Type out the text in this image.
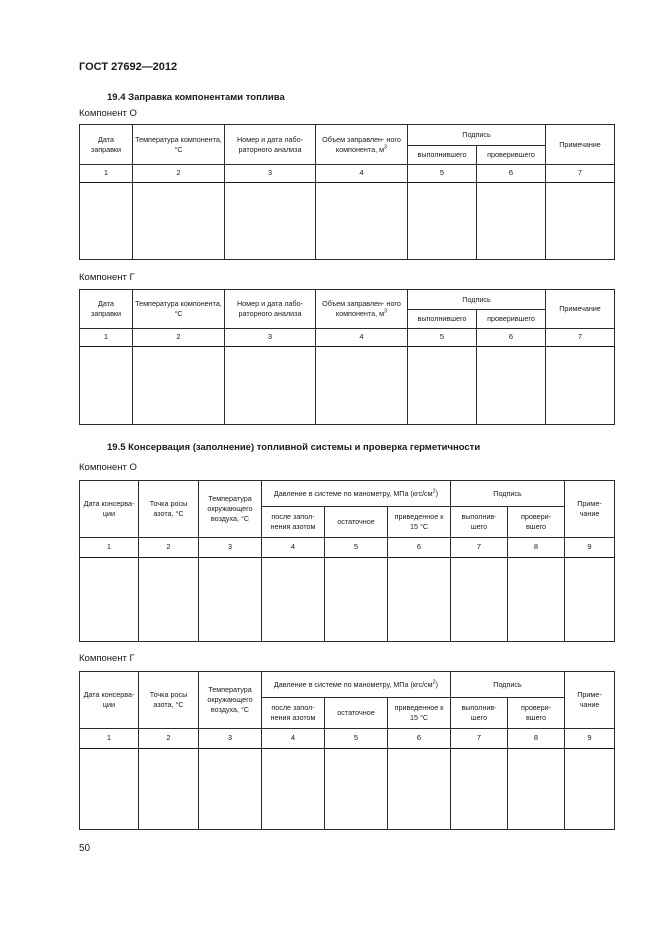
ГОСТ 27692—2012
19.4 Заправка компонентами топлива
Компонент О
Дата заправки	Температура компонента, °С	Номер и дата лабо- раторного анализа	Объем заправлен- ного компонента, $м^3$	Подпись		Примечание
				выполнившего	проверившего	
1	2	3	4	5	6	7

Компонент Г
Дата заправки	Температура компонента, °С	Номер и дата лабо- раторного анализа	Объем заправлен- ного компонента, $м^3$	Подпись		Примечание
				выполнившего	проверившего	
1	2	3	4	5	6	7

19.5 Консервация (заполнение) топливной системы и проверка герметичности
Компонент О
Дата консерва- ции	Точка росы азота, °С	Температура окружающего воздуха, °С	Давление в системе по манометру, МПа $(кгс/см^2)$			Подпись		Приме- чание
			после запол- нения азотом	остаточное	приведенное к 15 °С	выполнив- шего	провери- вшего	
1	2	3	4	5	6	7	8	9

Компонент Г
Дата консерва- ции	Точка росы азота, °С	Температура окружающего воздуха, °С	Давление в системе по манометру, МПа $(кгс/см^2)$			Подпись		Приме- чание
			после запол- нения азотом	остаточное	приведенное к 15 °С	выполнив- шего	провери- вшего	
1	2	3	4	5	6	7	8	9

50
